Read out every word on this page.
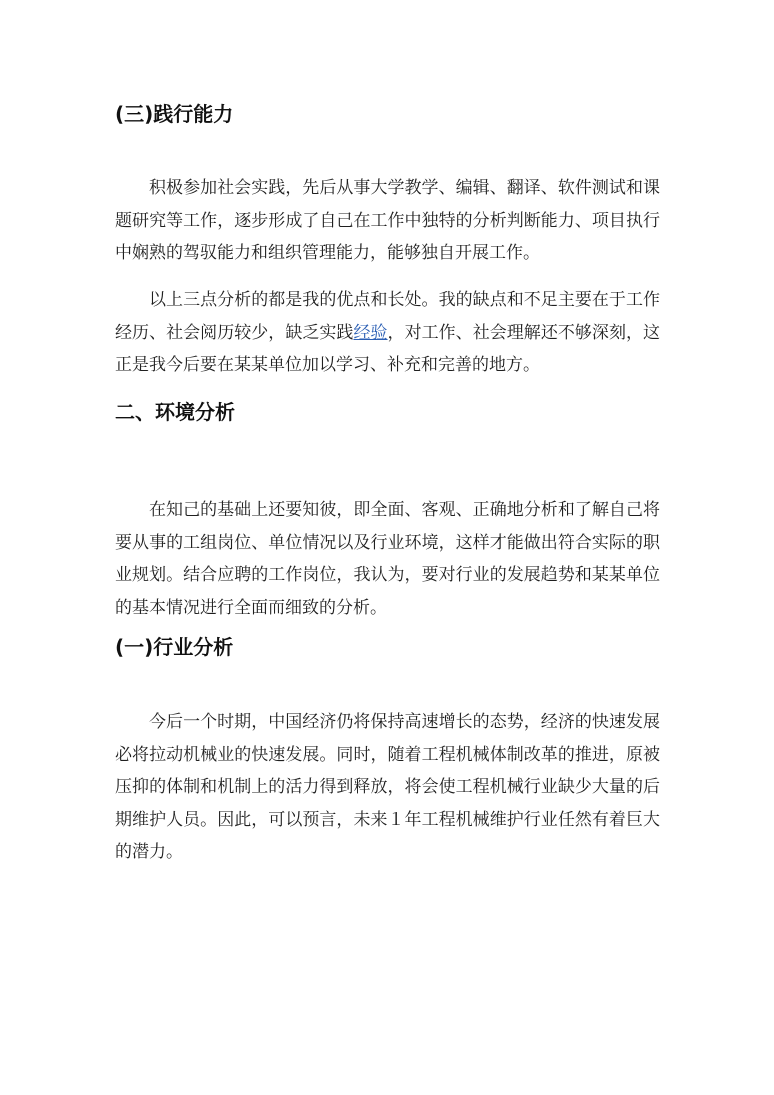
(三)践行能力
积极参加社会实践，先后从事大学教学、编辑、翻译、软件测试和课题研究等工作，逐步形成了自己在工作中独特的分析判断能力、项目执行中娴熟的驾驭能力和组织管理能力，能够独自开展工作。
以上三点分析的都是我的优点和长处。我的缺点和不足主要在于工作经历、社会阅历较少，缺乏实践经验，对工作、社会理解还不够深刻，这正是我今后要在某某单位加以学习、补充和完善的地方。
二、环境分析
在知己的基础上还要知彼，即全面、客观、正确地分析和了解自己将要从事的工组岗位、单位情况以及行业环境，这样才能做出符合实际的职业规划。结合应聘的工作岗位，我认为，要对行业的发展趋势和某某单位的基本情况进行全面而细致的分析。
(一)行业分析
今后一个时期，中国经济仍将保持高速增长的态势，经济的快速发展必将拉动机械业的快速发展。同时，随着工程机械体制改革的推进，原被压抑的体制和机制上的活力得到释放，将会使工程机械行业缺少大量的后期维护人员。因此，可以预言，未来１年工程机械维护行业任然有着巨大的潜力。
